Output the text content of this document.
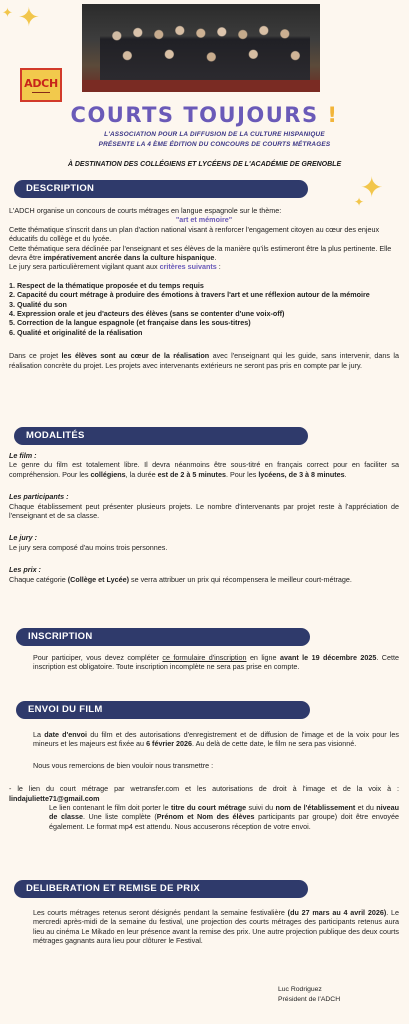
✦ ✦
✦
✦
ADCH
▬▬▬▬▬▬
COURTS TOUJOURS !
L'ASSOCIATION POUR LA DIFFUSION DE LA CULTURE HISPANIQUE
PRÉSENTE LA 4 ÈME ÉDITION DU CONCOURS DE COURTS MÉTRAGES
À DESTINATION DES COLLÉGIENS ET LYCÉENS DE L'ACADÉMIE DE GRENOBLE
DESCRIPTION

L'ADCH organise un concours de courts métrages en langue espagnole sur le thème:

"art et mémoire"

Cette thématique s'inscrit dans un plan d'action national visant à renforcer l'engagement citoyen au cœur des enjeux éducatifs du collège et du lycée.

Cette thématique sera déclinée par l'enseignant et ses élèves de la manière qu'ils estimeront être la plus pertinente. Elle devra être impérativement ancrée dans la culture hispanique.

Le jury sera particulièrement vigilant quant aux critères suivants :

1. Respect de la thématique proposée et du temps requis

2. Capacité du court métrage à produire des émotions à travers l'art et une réflexion autour de la mémoire

3. Qualité du son

4. Expression orale et jeu d'acteurs des élèves (sans se contenter d'une voix-off)

5. Correction de la langue espagnole (et française dans les sous-titres)

6. Qualité et originalité de la réalisation

Dans ce projet les élèves sont au cœur de la réalisation avec l'enseignant qui les guide, sans intervenir, dans la réalisation concrète du projet. Les projets avec intervenants extérieurs ne seront pas pris en compte par le jury.

MODALITÉS

Le film :

Le genre du film est totalement libre. Il devra néanmoins être sous-titré en français correct pour en faciliter sa compréhension. Pour les collégiens, la durée est de 2 à 5 minutes. Pour les lycéens, de 3 à 8 minutes.

Les participants :

Chaque établissement peut présenter plusieurs projets. Le nombre d'intervenants par projet reste à l'appréciation de l'enseignant et de sa classe.

Le jury :

Le jury sera composé d'au moins trois personnes.

Les prix :

Chaque catégorie (Collège et Lycée) se verra attribuer un prix qui récompensera le meilleur court-métrage.

INSCRIPTION

Pour participer, vous devez compléter ce formulaire d'inscription en ligne avant le 19 décembre 2025. Cette inscription est obligatoire. Toute inscription incomplète ne sera pas prise en compte.

ENVOI DU FILM

La date d'envoi du film et des autorisations d'enregistrement et de diffusion de l'image et de la voix pour les mineurs et les majeurs est fixée au 6 février 2026. Au delà de cette date, le film ne sera pas visionné.

Nous vous remercions de bien vouloir nous transmettre :

- le lien du court métrage par wetransfer.com et les autorisations de droit à l'image et de la voix à : lindajuliette71@gmail.com

Le lien contenant le film doit porter le titre du court métrage suivi du nom de l'établissement et du niveau de classe. Une liste complète (Prénom et Nom des élèves participants par groupe) doit être envoyée également. Le format mp4 est attendu. Nous accuserons réception de votre envoi.

DELIBERATION ET REMISE DE PRIX

Les courts métrages retenus seront désignés pendant la semaine festivalière (du 27 mars au 4 avril 2026). Le mercredi après-midi de la semaine du festival, une projection des courts métrages des participants retenus aura lieu au cinéma Le Mikado en leur présence avant la remise des prix. Une autre projection publique des deux courts métrages gagnants aura lieu pour clôturer le Festival.

Luc Rodriguez
Président de l'ADCH
